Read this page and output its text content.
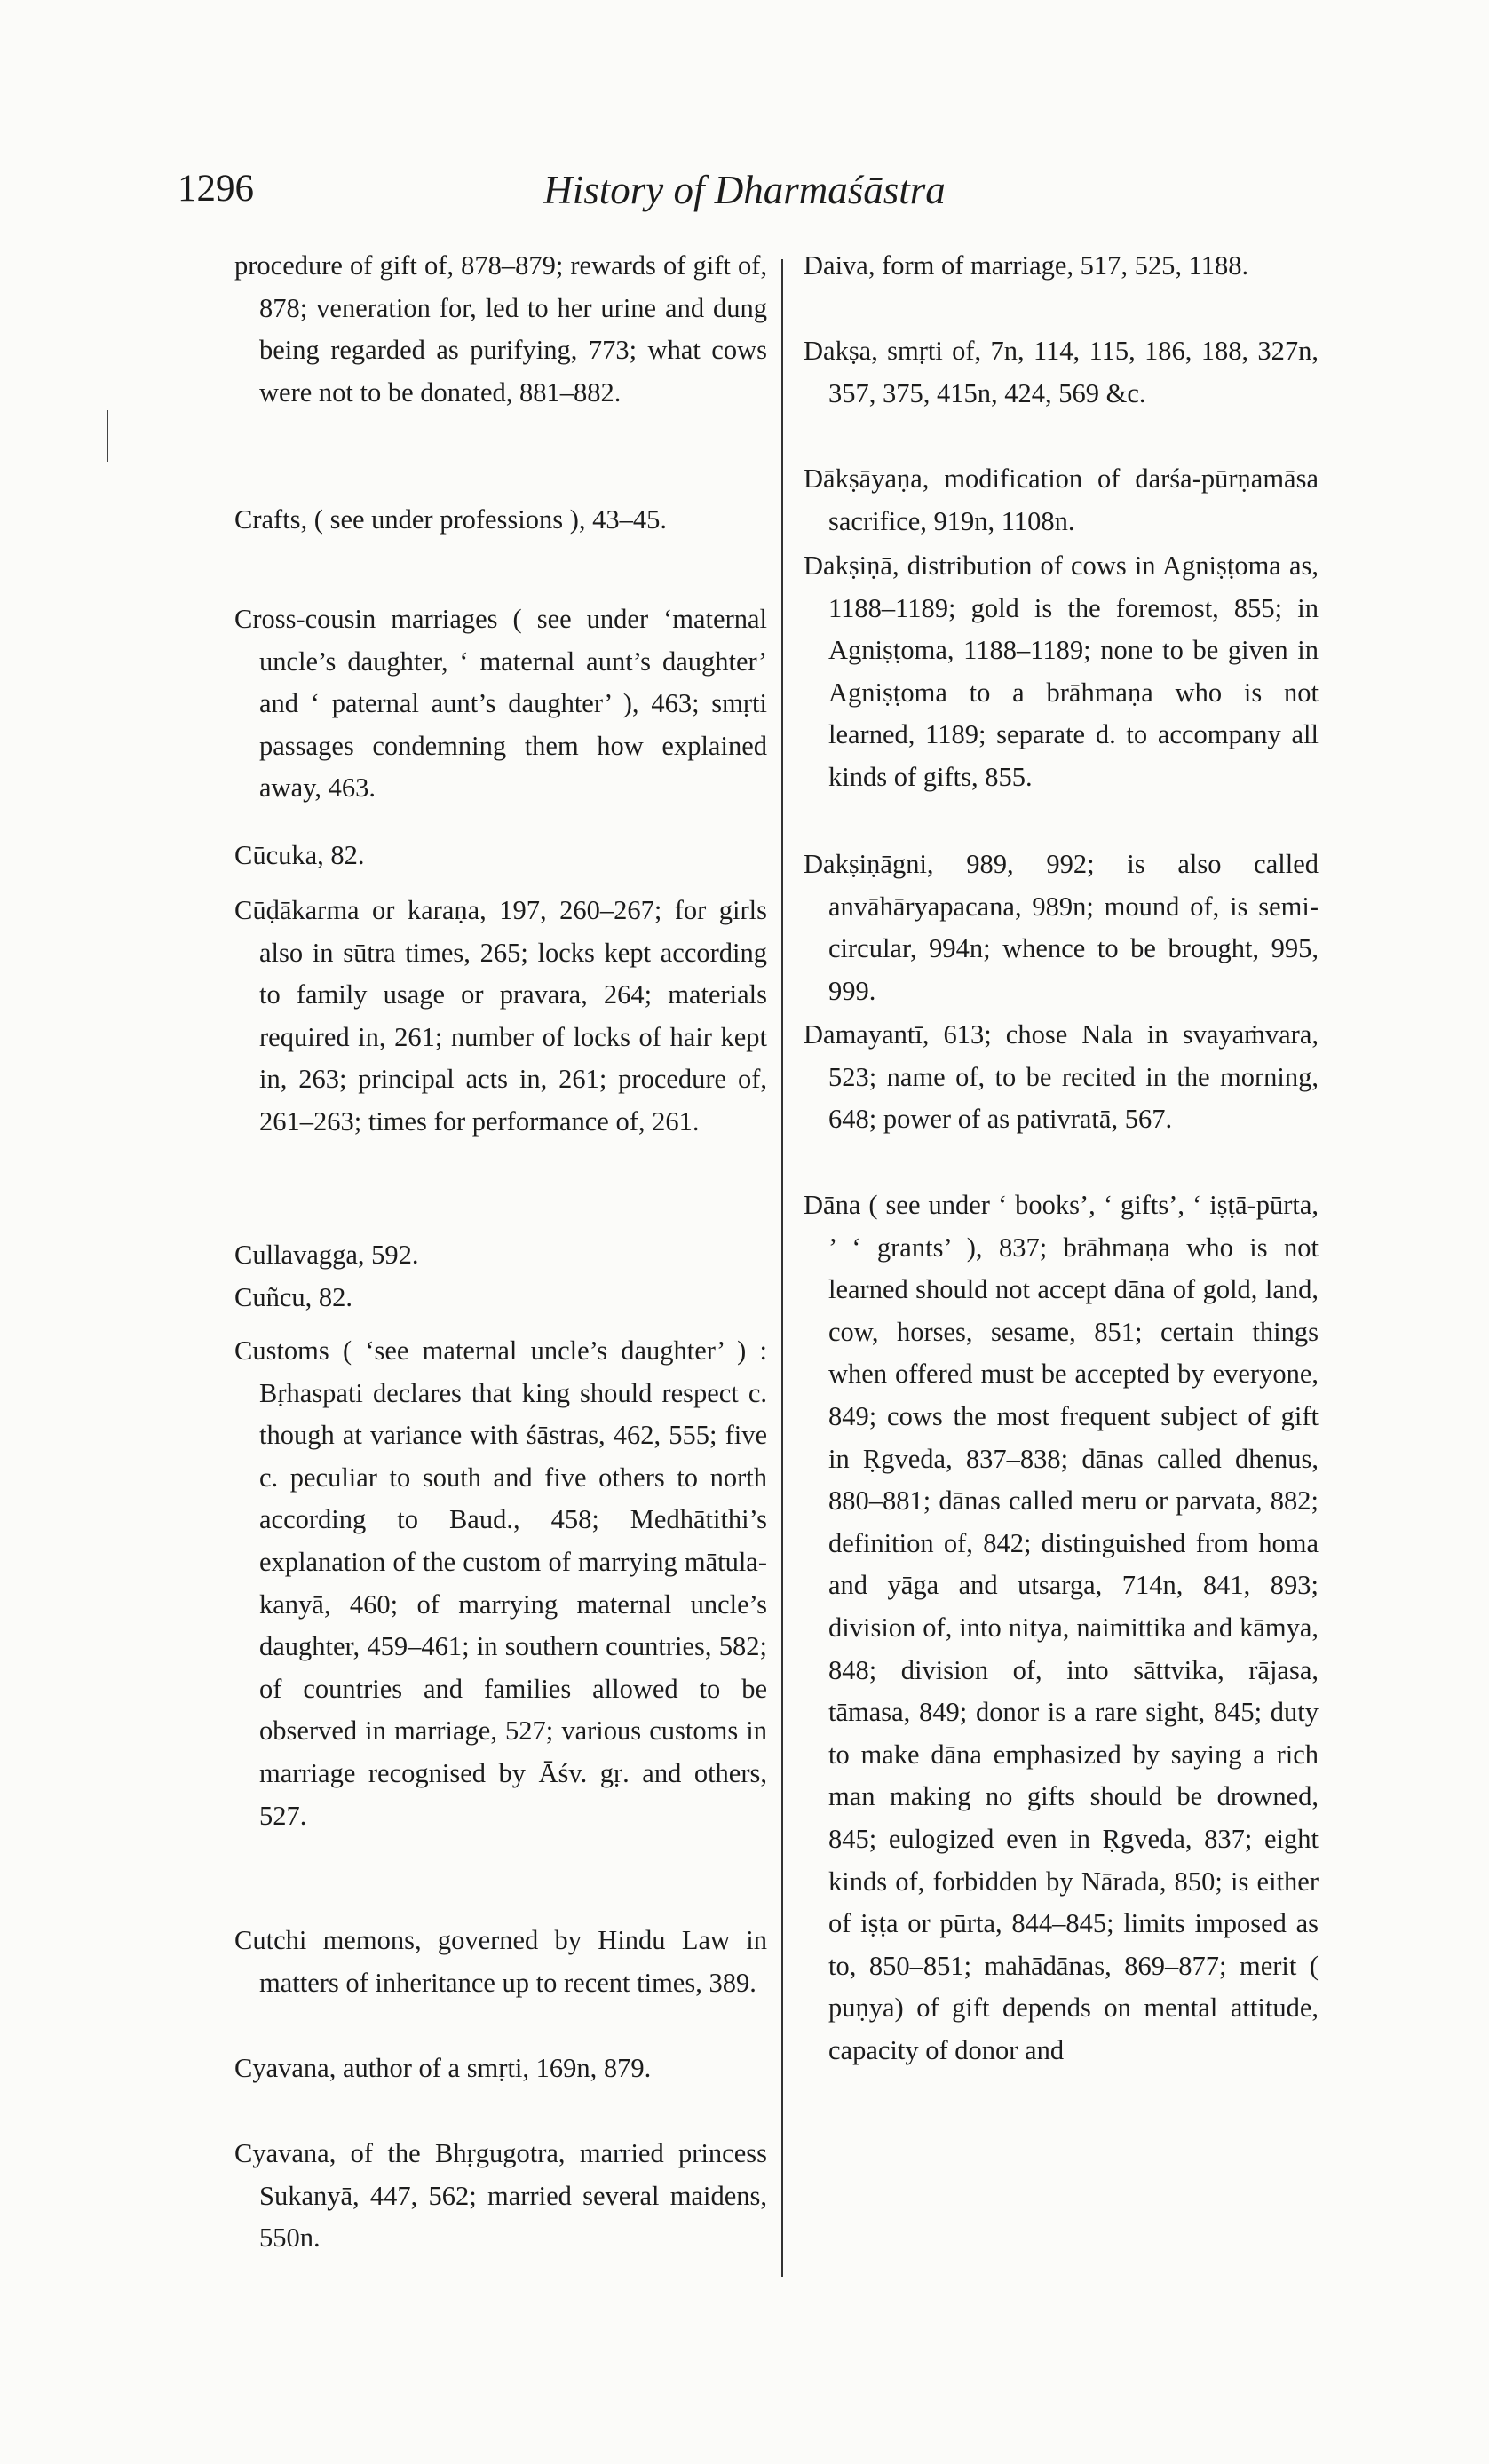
1296	History of Dharmaśāstra
procedure of gift of, 878–879; rewards of gift of, 878; veneration for, led to her urine and dung being regarded as purifying, 773; what cows were not to be donated, 881–882.
Crafts, ( see under professions ), 43–45.
Cross-cousin marriages ( see under ‘maternal uncle’s daughter, ‘ maternal aunt’s daughter’ and ‘ paternal aunt’s daughter’ ), 463; smṛti passages condemning them how explained away, 463.
Cūcuka, 82.
Cūḍākarma or karaṇa, 197, 260–267; for girls also in sūtra times, 265; locks kept according to family usage or pravara, 264; materials required in, 261; number of locks of hair kept in, 263; principal acts in, 261; procedure of, 261–263; times for performance of, 261.
Cullavagga, 592.
Cuñcu, 82.
Customs ( ‘see maternal uncle’s daughter’ ) : Bṛhaspati declares that king should respect c. though at variance with śāstras, 462, 555; five c. peculiar to south and five others to north according to Baud., 458; Medhātithi’s explanation of the custom of marrying mātula-kanyā, 460; of marrying maternal uncle’s daughter, 459–461; in southern countries, 582; of countries and families allowed to be observed in marriage, 527; various customs in marriage recognised by Āśv. gṛ. and others, 527.
Cutchi memons, governed by Hindu Law in matters of inheritance up to recent times, 389.
Cyavana, author of a smṛti, 169n, 879.
Cyavana, of the Bhṛgugotra, married princess Sukanyā, 447, 562; married several maidens, 550n.
Daiva, form of marriage, 517, 525, 1188.
Dakṣa, smṛti of, 7n, 114, 115, 186, 188, 327n, 357, 375, 415n, 424, 569 &c.
Dākṣāyaṇa, modification of darśa-pūrṇamāsa sacrifice, 919n, 1108n.
Dakṣiṇā, distribution of cows in Agniṣṭoma as, 1188–1189; gold is the foremost, 855; in Agniṣṭoma, 1188–1189; none to be given in Agniṣṭoma to a brāhmaṇa who is not learned, 1189; separate d. to accompany all kinds of gifts, 855.
Dakṣiṇāgni, 989, 992; is also called anvāhāryapacana, 989n; mound of, is semi-circular, 994n; whence to be brought, 995, 999.
Damayantī, 613; chose Nala in svayaṁvara, 523; name of, to be recited in the morning, 648; power of as pativratā, 567.
Dāna ( see under ‘ books’, ‘ gifts’, ‘ iṣṭā-pūrta, ’ ‘ grants’ ), 837; brāhmaṇa who is not learned should not accept dāna of gold, land, cow, horses, sesame, 851; certain things when offered must be accepted by everyone, 849; cows the most frequent subject of gift in Ṛgveda, 837–838; dānas called dhenus, 880–881; dānas called meru or parvata, 882; definition of, 842; distinguished from homa and yāga and utsarga, 714n, 841, 893; division of, into nitya, naimittika and kāmya, 848; division of, into sāttvika, rājasa, tāmasa, 849; donor is a rare sight, 845; duty to make dāna emphasized by saying a rich man making no gifts should be drowned, 845; eulogized even in Ṛgveda, 837; eight kinds of, forbidden by Nārada, 850; is either of iṣṭa or pūrta, 844–845; limits imposed as to, 850–851; mahādānas, 869–877; merit ( puṇya) of gift depends on mental attitude, capacity of donor and
